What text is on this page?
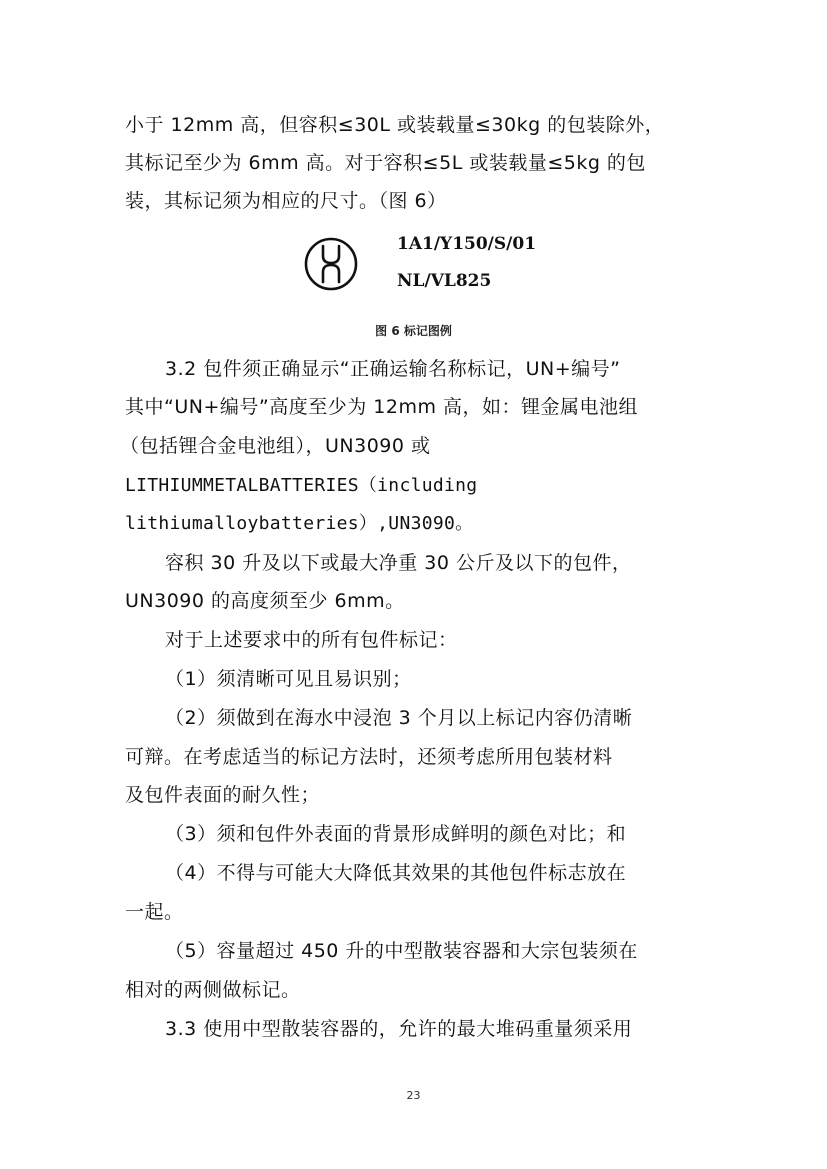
小于 12mm 高，但容积≤30L 或装载量≤30kg 的包装除外，
其标记至少为 6mm 高。对于容积≤5L 或装载量≤5kg 的包
装，其标记须为相应的尺寸。（图 6）
1A1/Y150/S/01
NL/VL825
图 6 标记图例
3.2 包件须正确显示“正确运输名称标记，UN+编号”
其中“UN+编号”高度至少为 12mm 高，如：锂金属电池组
（包括锂合金电池组），UN3090 或
LITHIUMMETALBATTERIES（including
lithiumalloybatteries）,UN3090。
容积 30 升及以下或最大净重 30 公斤及以下的包件，
UN3090 的高度须至少 6mm。
对于上述要求中的所有包件标记：
（1）须清晰可见且易识别；
（2）须做到在海水中浸泡 3 个月以上标记内容仍清晰
可辩。在考虑适当的标记方法时，还须考虑所用包装材料
及包件表面的耐久性；
（3）须和包件外表面的背景形成鲜明的颜色对比；和
（4）不得与可能大大降低其效果的其他包件标志放在
一起。
（5）容量超过 450 升的中型散装容器和大宗包装须在
相对的两侧做标记。
3.3 使用中型散装容器的，允许的最大堆码重量须采用
23
